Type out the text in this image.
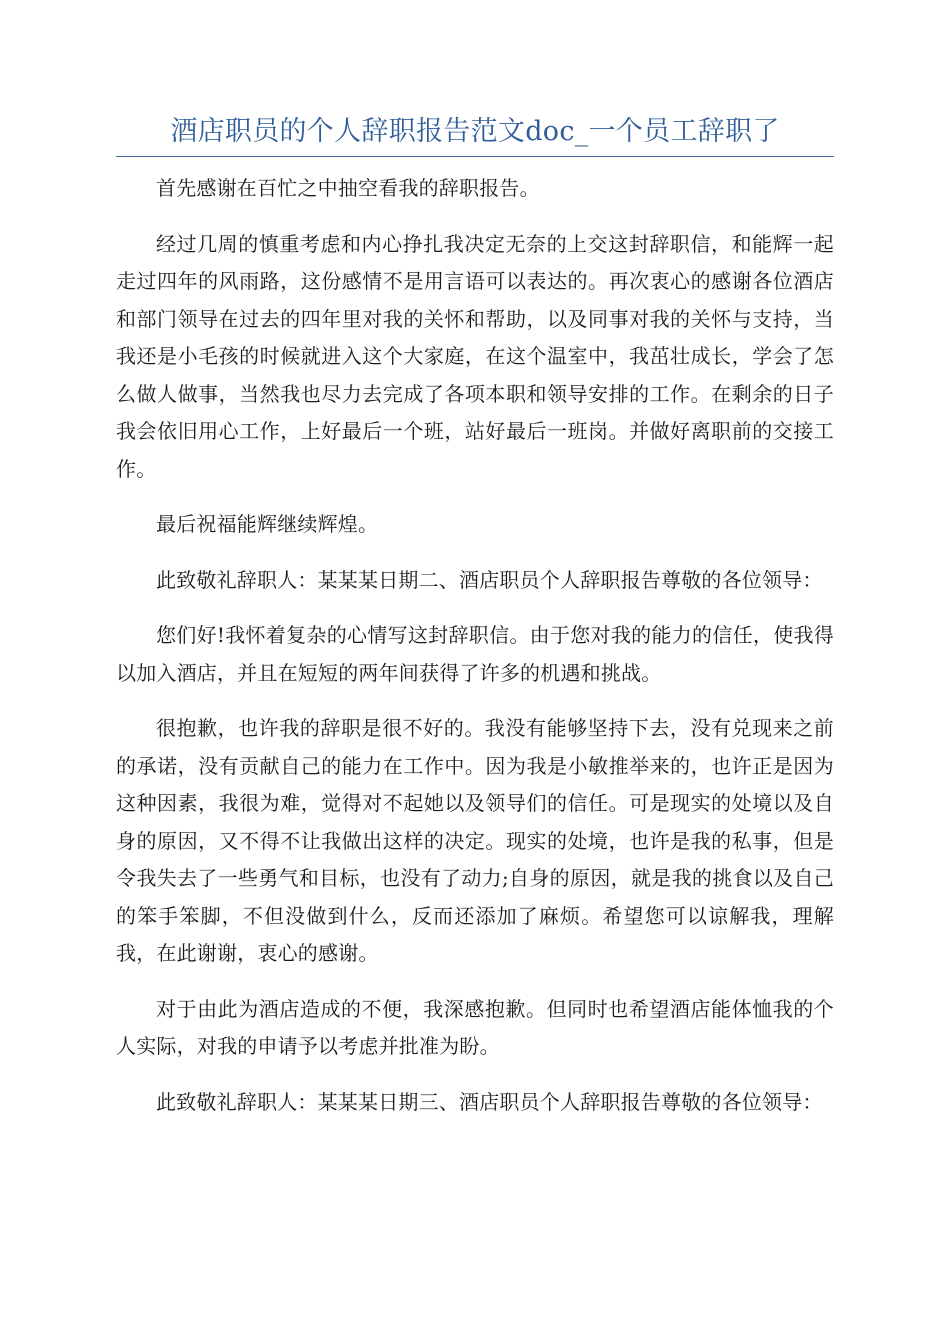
酒店职员的个人辞职报告范文doc_一个员工辞职了

首先感谢在百忙之中抽空看我的辞职报告。

经过几周的慎重考虑和内心挣扎我决定无奈的上交这封辞职信，和能辉一起走过四年的风雨路，这份感情不是用言语可以表达的。再次衷心的感谢各位酒店和部门领导在过去的四年里对我的关怀和帮助，以及同事对我的关怀与支持，当我还是小毛孩的时候就进入这个大家庭，在这个温室中，我茁壮成长，学会了怎么做人做事，当然我也尽力去完成了各项本职和领导安排的工作。在剩余的日子我会依旧用心工作，上好最后一个班，站好最后一班岗。并做好离职前的交接工作。

最后祝福能辉继续辉煌。

此致敬礼辞职人：某某某日期二、酒店职员个人辞职报告尊敬的各位领导：

您们好!我怀着复杂的心情写这封辞职信。由于您对我的能力的信任，使我得以加入酒店，并且在短短的两年间获得了许多的机遇和挑战。

很抱歉，也许我的辞职是很不好的。我没有能够坚持下去，没有兑现来之前的承诺，没有贡献自己的能力在工作中。因为我是小敏推举来的，也许正是因为这种因素，我很为难，觉得对不起她以及领导们的信任。可是现实的处境以及自身的原因，又不得不让我做出这样的决定。现实的处境，也许是我的私事，但是令我失去了一些勇气和目标，也没有了动力;自身的原因，就是我的挑食以及自己的笨手笨脚，不但没做到什么，反而还添加了麻烦。希望您可以谅解我，理解我，在此谢谢，衷心的感谢。

对于由此为酒店造成的不便，我深感抱歉。但同时也希望酒店能体恤我的个人实际，对我的申请予以考虑并批准为盼。

此致敬礼辞职人：某某某日期三、酒店职员个人辞职报告尊敬的各位领导：
